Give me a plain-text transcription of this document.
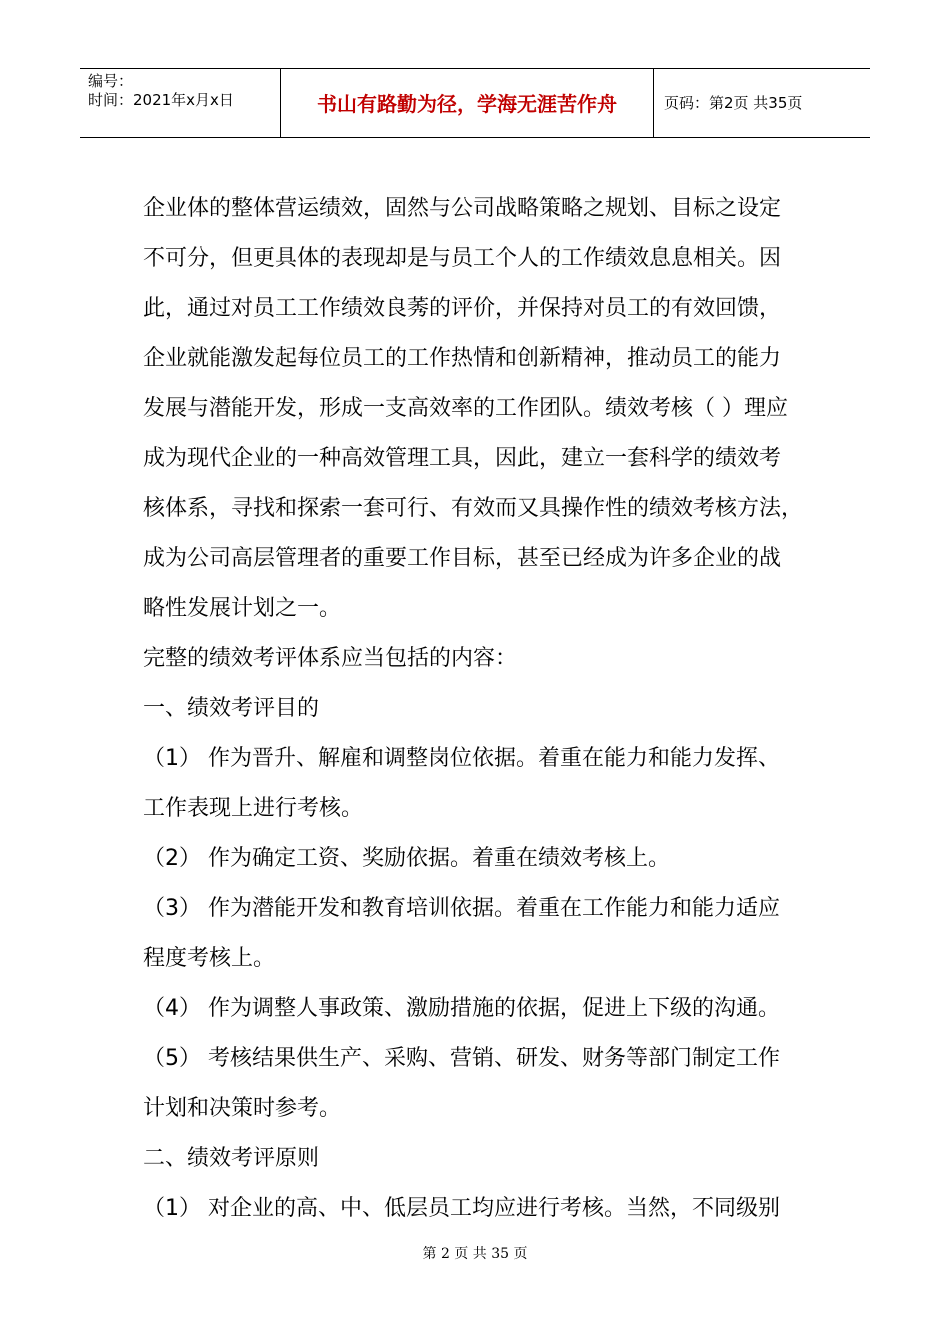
编号：
时间：2021年x月x日	书山有路勤为径，学海无涯苦作舟	页码：第2页 共35页

企业体的整体营运绩效，固然与公司战略策略之规划、目标之设定

不可分，但更具体的表现却是与员工个人的工作绩效息息相关。因

此，通过对员工工作绩效良莠的评价，并保持对员工的有效回馈，

企业就能激发起每位员工的工作热情和创新精神，推动员工的能力

发展与潜能开发，形成一支高效率的工作团队。绩效考核（ ）理应

成为现代企业的一种高效管理工具，因此，建立一套科学的绩效考

核体系，寻找和探索一套可行、有效而又具操作性的绩效考核方法，

成为公司高层管理者的重要工作目标，甚至已经成为许多企业的战

略性发展计划之一。

完整的绩效考评体系应当包括的内容：

一、绩效考评目的

（1） 作为晋升、解雇和调整岗位依据。着重在能力和能力发挥、

工作表现上进行考核。

（2） 作为确定工资、奖励依据。着重在绩效考核上。

（3） 作为潜能开发和教育培训依据。着重在工作能力和能力适应

程度考核上。

（4） 作为调整人事政策、激励措施的依据，促进上下级的沟通。

（5） 考核结果供生产、采购、营销、研发、财务等部门制定工作

计划和决策时参考。

二、绩效考评原则

（1） 对企业的高、中、低层员工均应进行考核。当然，不同级别

第 2 页 共 35 页
